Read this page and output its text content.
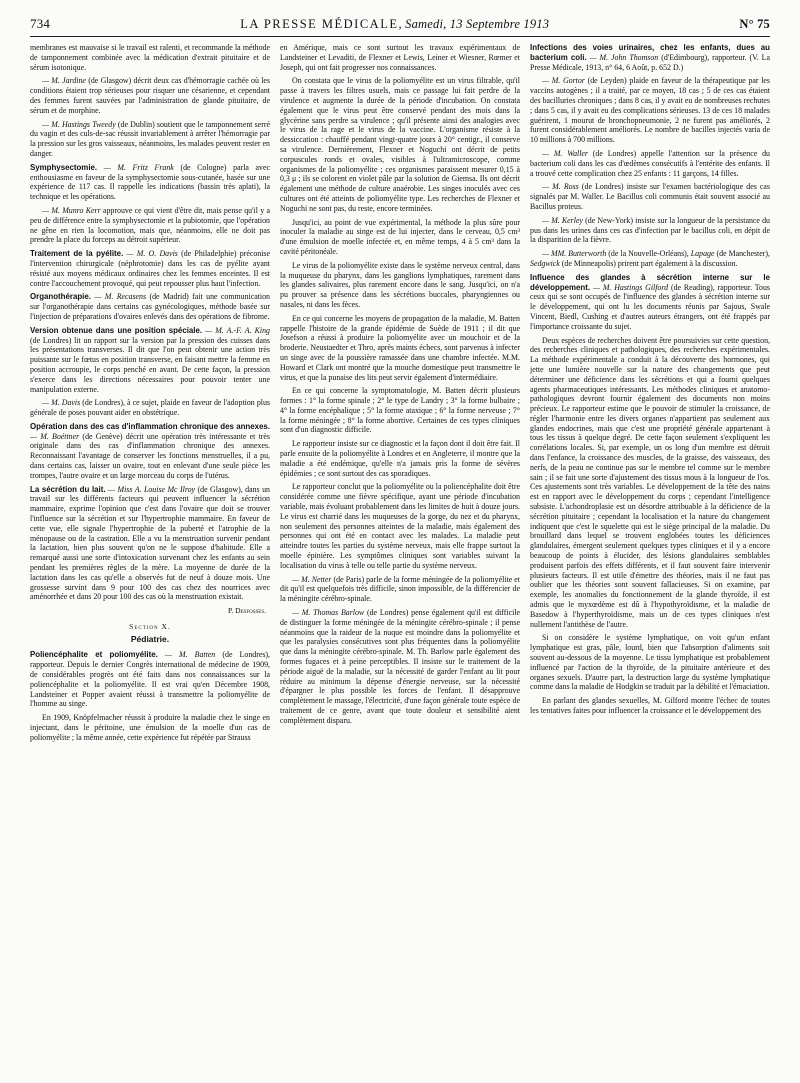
734	LA PRESSE MÉDICALE, Samedi, 13 Septembre 1913	N° 75

membranes est mauvaise si le travail est ralenti, et recommande la méthode de tamponnement combinée avec la médication d'extrait pituitaire et de sérum isotonique.

— M. Jardine (de Glasgow) décrit deux cas d'hémorragie cachée où les conditions étaient trop sérieuses pour risquer une césarienne, et cependant des femmes furent sauvées par l'administration de glande pituitaire, de sérum et de morphine.

— M. Hastings Tweedy (de Dublin) soutient que le tamponnement serré du vagin et des culs-de-sac réussit invariablement à arrêter l'hémorragie par la pression sur les gros vaisseaux, néanmoins, les malades peuvent rester en danger.

Symphysectomie. — M. Fritz Frank (de Cologne) parla avec enthousiasme en faveur de la symphysectomie sous-cutanée, basée sur une expérience de 117 cas. Il rappelle les indications (bassin très aplati), la technique et les opérations.

— M. Munro Kerr approuve ce qui vient d'être dit, mais pense qu'il y a peu de différence entre la symphysectomie et la pubiotomie, que l'opération ne gêne en rien la locomotion, mais que, néanmoins, elle ne doit pas prendre la place du forceps au détroit supérieur.

Traitement de la pyélite. — M. O. Davis (de Philadelphie) préconise l'intervention chirurgicale (néphrotomie) dans les cas de pyélite ayant résisté aux moyens médicaux ordinaires chez les femmes enceintes. Il est contre l'accouchement provoqué, qui peut repousser plus haut l'infection.

Organothérapie. — M. Recasens (de Madrid) fait une communication sur l'organothérapie dans certains cas gynécologiques, méthode basée sur l'injection de préparations d'ovaires enlevés dans des opérations de fibrome.

Version obtenue dans une position spéciale. — M. A.-F. A. King (de Londres) lit un rapport sur la version par la pression des cuisses dans les présentations transverses. Il dit que l'on peut obtenir une action très puissante sur le fœtus en position transverse, en faisant mettre la femme en position accroupie, le corps penché en avant. De cette façon, la pression s'exerce dans les directions nécessaires pour pouvoir tenter une manipulation externe.

— M. Davis (de Londres), à ce sujet, plaide en faveur de l'adoption plus générale de poses pouvant aider en obstétrique.

Opération dans des cas d'inflammation chronique des annexes. — M. Boéttner (de Genève) décrit une opération très intéressante et très originale dans des cas d'inflammation chronique des annexes. Reconnaissant l'avantage de conserver les fonctions menstruelles, il a pu, dans certains cas, laisser un ovaire, tout en enlevant d'une seule pièce les trompes, l'autre ovaire et un large morceau du corps de l'utérus.

La sécrétion du lait. — Miss A. Louise Mc Ilroy (de Glasgow), dans un travail sur les différents facteurs qui peuvent influencer la sécrétion mammaire, exprime l'opinion que c'est dans l'ovaire que doit se trouver l'influence sur la sécrétion et sur l'hypertrophie mammaire. En faveur de cette vue, elle signale l'hypertrophie de la puberté et l'atrophie de la ménopause ou de la castration. Elle a vu la menstruation survenir pendant la lactation, bien plus souvent qu'on ne le suppose d'habitude. Elle a remarqué aussi une sorte d'intoxication survenant chez les enfants au sein pendant les premières règles de la mère. La moyenne de durée de la lactation dans les cas qu'elle a observés fut de neuf à douze mois. Une grossesse survint dans 9 pour 100 des cas chez des nourrices avec aménorrhée et dans 20 pour 100 des cas où la menstruation existait.

P. Desfosses.
Section X.
Pédiatrie.

Poliencéphalite et poliomyélite. — M. Batten (de Londres), rapporteur. Depuis le dernier Congrès international de médecine de 1909, de considérables progrès ont été faits dans nos connaissances sur la poliencéphalite et la poliomyélite. Il est vrai qu'en Décembre 1908, Landsteiner et Popper avaient réussi à transmettre la poliomyélite de l'homme au singe.

En 1909, Knöpfelmacher réussit à produire la maladie chez le singe en injectant, dans le péritoine, une émulsion de la moelle d'un cas de poliomyélite ; la même année, cette expérience fut répétée par Strauss

en Amérique, mais ce sont surtout les travaux expérimentaux de Landsteiner et Levaditi, de Flexner et Lewis, Leiner et Wiesner, Rœmer et Joseph, qui ont fait progresser nos connaissances.

On constata que le virus de la poliomyélite est un virus filtrable, qu'il passe à travers les filtres usuels, mais ce passage lui fait perdre de la virulence et augmente la durée de la période d'incubation. On constata également que le virus peut être conservé pendant des mois dans la glycérine sans perdre sa virulence ; qu'il présente ainsi des analogies avec le virus de la rage et le virus de la vaccine. L'organisme résiste à la dessiccation : chauffé pendant vingt-quatre jours à 20° centigr., il conserve sa virulence. Dernièrement, Flexner et Noguchi ont décrit de petits corpuscules ronds et ovales, visibles à l'ultramicroscope, comme organismes de la poliomyélite ; ces organismes paraissent mesurer 0,15 à 0,3 μ ; ils se colorent en violet pâle par la solution de Giemsa. Ils ont décrit également une méthode de culture anaérobie. Les singes inoculés avec ces cultures ont été atteints de poliomyélite type. Les recherches de Flexner et Noguchi ne sont pas, du reste, encore terminées.

Jusqu'ici, au point de vue expérimental, la méthode la plus sûre pour inoculer la maladie au singe est de lui injecter, dans le cerveau, 0,5 cm³ d'une émulsion de moelle infectée et, en même temps, 4 à 5 cm³ dans la cavité péritonéale.

Le virus de la poliomyélite existe dans le système nerveux central, dans la muqueuse du pharynx, dans les ganglions lymphatiques, rarement dans les glandes salivaires, plus rarement encore dans le sang. Jusqu'ici, on n'a pu prouver sa présence dans les sécrétions buccales, pharyngiennes ou nasales, ni dans les fèces.

En ce qui concerne les moyens de propagation de la maladie, M. Batten rappelle l'histoire de la grande épidémie de Suède de 1911 ; il dit que Josefson a réussi à produire la poliomyélite avec un mouchoir et de la broderie. Neustaedter et Thro, après maints échecs, sont parvenus à infecter un singe avec de la poussière ramassée dans une chambre infectée. M.M. Howard et Clark ont montré que la mouche domestique peut transmettre le virus, et que la punaise des lits peut servir également d'intermédiaire.

En ce qui concerne la symptomatologie, M. Batten décrit plusieurs formes : 1° la forme spinale ; 2° le type de Landry ; 3° la forme bulbaire ; 4° la forme encéphalique ; 5° la forme ataxique ; 6° la forme nerveuse ; 7° la forme méningée ; 8° la forme abortive. Certaines de ces types cliniques sont d'un diagnostic difficile.

Le rapporteur insiste sur ce diagnostic et la façon dont il doit être fait. Il parle ensuite de la poliomyélite à Londres et en Angleterre, il montre que la maladie a été endémique, qu'elle n'a jamais pris la forme de sévères épidémies ; ce sont surtout des cas sporadiques.

Le rapporteur conclut que la poliomyélite ou la poliencéphalite doit être considérée comme une fièvre spécifique, ayant une période d'incubation variable, mais évoluant probablement dans les limites de huit à douze jours. Le virus est charrié dans les muqueuses de la gorge, du nez et du pharynx, non seulement des personnes atteintes de la maladie, mais également des personnes qui ont été en contact avec les malades. La maladie peut atteindre toutes les parties du système nerveux, mais elle frappe surtout la moelle épinière. Les symptômes cliniques sont variables suivant la localisation du virus à telle ou telle partie du système nerveux.

— M. Netter (de Paris) parle de la forme méningée de la poliomyélite et dit qu'il est quelquefois très difficile, sinon impossible, de la différencier de la méningite cérébro-spinale.

— M. Thomas Barlow (de Londres) pense également qu'il est difficile de distinguer la forme méningée de la méningite cérébro-spinale ; il pense néanmoins que la raideur de la nuque est moindre dans la poliomyélite et que les paralysies consécutives sont plus fréquentes dans la poliomyélite que dans la méningite cérébro-spinale. M. Th. Barlow parle également des formes fugaces et à peine perceptibles. Il insiste sur le traitement de la période aiguë de la maladie, sur la nécessité de garder l'enfant au lit pour réduire au minimum la dépense d'énergie nerveuse, sur la nécessité d'épargner le plus possible les forces de l'enfant. Il désapprouve complètement le massage, l'électricité, d'une façon générale toute espèce de traitement de ce genre, avant que toute douleur et sensibilité aient complètement disparu.

Infections des voies urinaires, chez les enfants, dues au bacterium coli. — M. John Thomson (d'Edimbourg), rapporteur. (V. La Presse Médicale, 1913, n° 64, 6 Août, p. 652 D.)

— M. Gortor (de Leyden) plaide en faveur de la thérapeutique par les vaccins autogènes ; il a traité, par ce moyen, 18 cas ; 5 de ces cas étaient des bacilluries chroniques ; dans 8 cas, il y avait eu de nombreuses rechutes ; dans 5 cas, il y avait eu des complications sérieuses. 13 de ces 18 malades guérirent, 1 mourut de bronchopneumonie, 2 ne furent pas améliorés, 2 furent considérablement améliorés. Le nombre de bacilles injectés varia de 10 millions à 700 millions.

— M. Waller (de Londres) appelle l'attention sur la présence du bacterium coli dans les cas d'œdèmes consécutifs à l'entérite des enfants. Il a trouvé cette complication chez 25 enfants : 11 garçons, 14 filles.

— M. Ross (de Londres) insiste sur l'examen bactériologique des cas signalés par M. Waller. Le Bacillus coli communis était souvent associé au Bacillus proteus.

— M. Kerley (de New-York) insiste sur la longueur de la persistance du pus dans les urines dans ces cas d'infection par le bacillus coli, en dépit de la disparition de la fièvre.

— MM. Butterworth (de la Nouvelle-Orléans), Lapage (de Manchester), Sedgwick (de Minneapolis) prirent part également à la discussion.

Influence des glandes à sécrétion interne sur le développement. — M. Hastings Gilford (de Reading), rapporteur. Tous ceux qui se sont occupés de l'influence des glandes à sécrétion interne sur le développement, qui ont lu les documents réunis par Sajous, Swale Vincent, Biedl, Cushing et d'autres auteurs étrangers, ont été frappés par l'importance croissante du sujet.

Deux espèces de recherches doivent être poursuivies sur cette question, des recherches cliniques et pathologiques, des recherches expérimentales. La méthode expérimentale a conduit à la découverte des hormones, qui jette une lumière nouvelle sur la nature des changements que peut déterminer une déficience dans les sécrétions et qui a fourni quelques agents pharmaceutiques intéressants. Les méthodes cliniques et anatomo-pathologiques devront fournir également des documents non moins précieux. Le rapporteur estime que le pouvoir de stimuler la croissance, de régler l'harmonie entre les divers organes n'appartient pas seulement aux glandes endocrines, mais que c'est une propriété générale appartenant à tous les tissus à quelque degré. De cette façon seulement s'expliquent les corrélations locales. Si, par exemple, un os long d'un membre est détruit dans l'enfance, la croissance des muscles, de la graisse, des vaisseaux, des nerfs, de la peau ne continue pas sur le membre tel comme sur le membre sain ; il se fait une sorte d'ajustement des tissus mous à la longueur de l'os. Ces ajustements sont très variables. Le développement de la tête des nains est en rapport avec le développement du corps ; cependant l'intelligence subsiste. L'achondroplasie est un désordre attribuable à la déficience de la sécrétion pituitaire ; cependant la localisation et la nature du changement indiquent que c'est le squelette qui est le siège principal de la maladie. Du brouillard dans lequel se trouvent englobées toutes les déficiences glandulaires, émergent seulement quelques types cliniques et il y a encore beaucoup de points à élucider, des lésions glandulaires semblables produisent parfois des effets différents, et il faut souvent faire intervenir plusieurs facteurs. Il est utile d'émettre des théories, mais il ne faut pas oublier que les théories sont souvent fallacieuses. Si on examine, par exemple, les anomalies du fonctionnement de la glande thyroïde, il est admis que le myxœdème est dû à l'hypothyroïdisme, et la maladie de Basedow à l'hyperthyroïdisme, mais un de ces types cliniques n'est nullement l'antithèse de l'autre.

Si on considère le système lymphatique, on voit qu'un enfant lymphatique est gras, pâle, lourd, bien que l'absorption d'aliments soit souvent au-dessous de la moyenne. Le tissu lymphatique est probablement influencé par l'action de la thyroïde, de la pituitaire antérieure et des organes sexuels. D'autre part, la destruction large du système lymphatique comme dans la maladie de Hodgkin se traduit par la débilité et l'émaciation.

En parlant des glandes sexuelles, M. Gilford montre l'échec de toutes les tentatives faites pour influencer la croissance et le développement des
